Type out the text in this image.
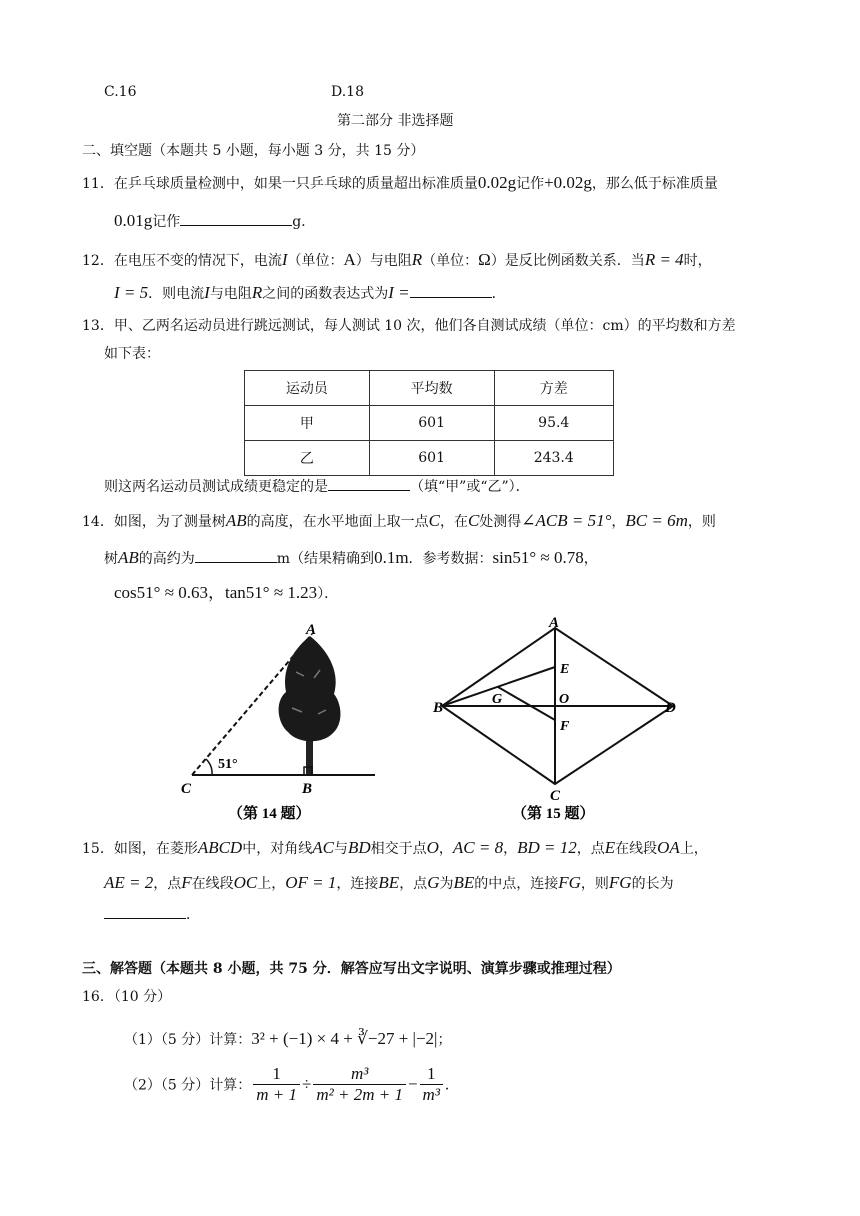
C.16	D.18
第二部分 非选择题
二、填空题（本题共 5 小题，每小题 3 分，共 15 分）
11．在乒乓球质量检测中，如果一只乒乓球的质量超出标准质量0.02g记作+0.02g，那么低于标准质量
0.01g记作	g．
12．在电压不变的情况下，电流I（单位：A）与电阻R（单位：Ω）是反比例函数关系．当R = 4时，
I = 5．则电流I与电阻R之间的函数表达式为I =	．
13．甲、乙两名运动员进行跳远测试，每人测试 10 次，他们各自测试成绩（单位：cm）的平均数和方差
如下表：
运动员	平均数	方差
甲	601	95.4
乙	601	243.4
则这两名运动员测试成绩更稳定的是	（填“甲”或“乙”）．
14．如图，为了测量树AB的高度，在水平地面上取一点C，在C处测得∠ACB = 51°，BC = 6m，则
树AB的高约为	m（结果精确到0.1m．参考数据：sin51° ≈ 0.78，
cos51° ≈ 0.63，tan51° ≈ 1.23）．
A
C	B
51°
（第 14 题）
A
B
C
D
E
F
G	O
（第 15 题）
15．如图，在菱形ABCD中，对角线AC与BD相交于点O，AC = 8，BD = 12，点E在线段OA上，
AE = 2，点F在线段OC上，OF = 1，连接BE，点G为BE的中点，连接FG，则FG的长为
．
三、解答题（本题共 8 小题，共 75 分．解答应写出文字说明、演算步骤或推理过程）
16．（10 分）
（1）（5 分）计算：3² + (−1) × 4 + ∛−27 + |−2|；
（2）（5 分）计算： $\frac{1}{m + 1} \div \frac{\text{m³}}{\text{m² + 2m + 1}} - \frac{1}{\text{m³}}$ ．
